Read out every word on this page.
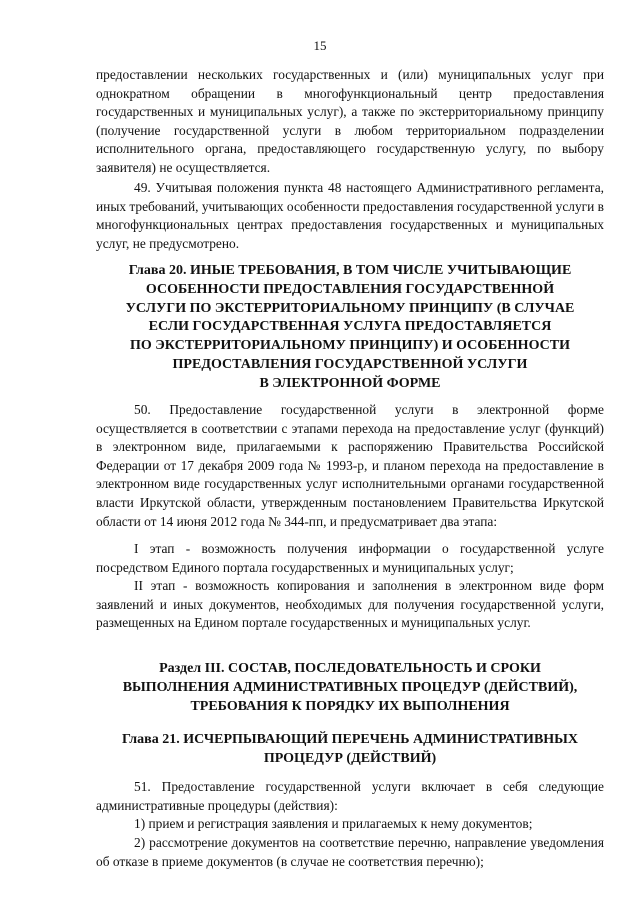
15

предоставлении нескольких государственных и (или) муниципальных услуг при однократном обращении в многофункциональный центр предоставления государственных и муниципальных услуг), а также по экстерриториальному принципу (получение государственной услуги в любом территориальном подразделении исполнительного органа, предоставляющего государственную услугу, по выбору заявителя) не осуществляется.

49. Учитывая положения пункта 48 настоящего Административного регламента, иных требований, учитывающих особенности предоставления государственной услуги в многофункциональных центрах предоставления государственных и муниципальных услуг, не предусмотрено.

Глава 20. ИНЫЕ ТРЕБОВАНИЯ, В ТОМ ЧИСЛЕ УЧИТЫВАЮЩИЕ
ОСОБЕННОСТИ ПРЕДОСТАВЛЕНИЯ ГОСУДАРСТВЕННОЙ
УСЛУГИ ПО ЭКСТЕРРИТОРИАЛЬНОМУ ПРИНЦИПУ (В СЛУЧАЕ
ЕСЛИ ГОСУДАРСТВЕННАЯ УСЛУГА ПРЕДОСТАВЛЯЕТСЯ
ПО ЭКСТЕРРИТОРИАЛЬНОМУ ПРИНЦИПУ) И ОСОБЕННОСТИ
ПРЕДОСТАВЛЕНИЯ ГОСУДАРСТВЕННОЙ УСЛУГИ
В ЭЛЕКТРОННОЙ ФОРМЕ

50. Предоставление государственной услуги в электронной форме осуществляется в соответствии с этапами перехода на предоставление услуг (функций) в электронном виде, прилагаемыми к распоряжению Правительства Российской Федерации от 17 декабря 2009 года № 1993-р, и планом перехода на предоставление в электронном виде государственных услуг исполнительными органами государственной власти Иркутской области, утвержденным постановлением Правительства Иркутской области от 14 июня 2012 года № 344-пп, и предусматривает два этапа:

I этап - возможность получения информации о государственной услуге посредством Единого портала государственных и муниципальных услуг;

II этап - возможность копирования и заполнения в электронном виде форм заявлений и иных документов, необходимых для получения государственной услуги, размещенных на Едином портале государственных и муниципальных услуг.

Раздел III. СОСТАВ, ПОСЛЕДОВАТЕЛЬНОСТЬ И СРОКИ
ВЫПОЛНЕНИЯ АДМИНИСТРАТИВНЫХ ПРОЦЕДУР (ДЕЙСТВИЙ),
ТРЕБОВАНИЯ К ПОРЯДКУ ИХ ВЫПОЛНЕНИЯ
Глава 21. ИСЧЕРПЫВАЮЩИЙ ПЕРЕЧЕНЬ АДМИНИСТРАТИВНЫХ
ПРОЦЕДУР (ДЕЙСТВИЙ)

51. Предоставление государственной услуги включает в себя следующие административные процедуры (действия):

1) прием и регистрация заявления и прилагаемых к нему документов;

2) рассмотрение документов на соответствие перечню, направление уведомления об отказе в приеме документов (в случае не соответствия перечню);
